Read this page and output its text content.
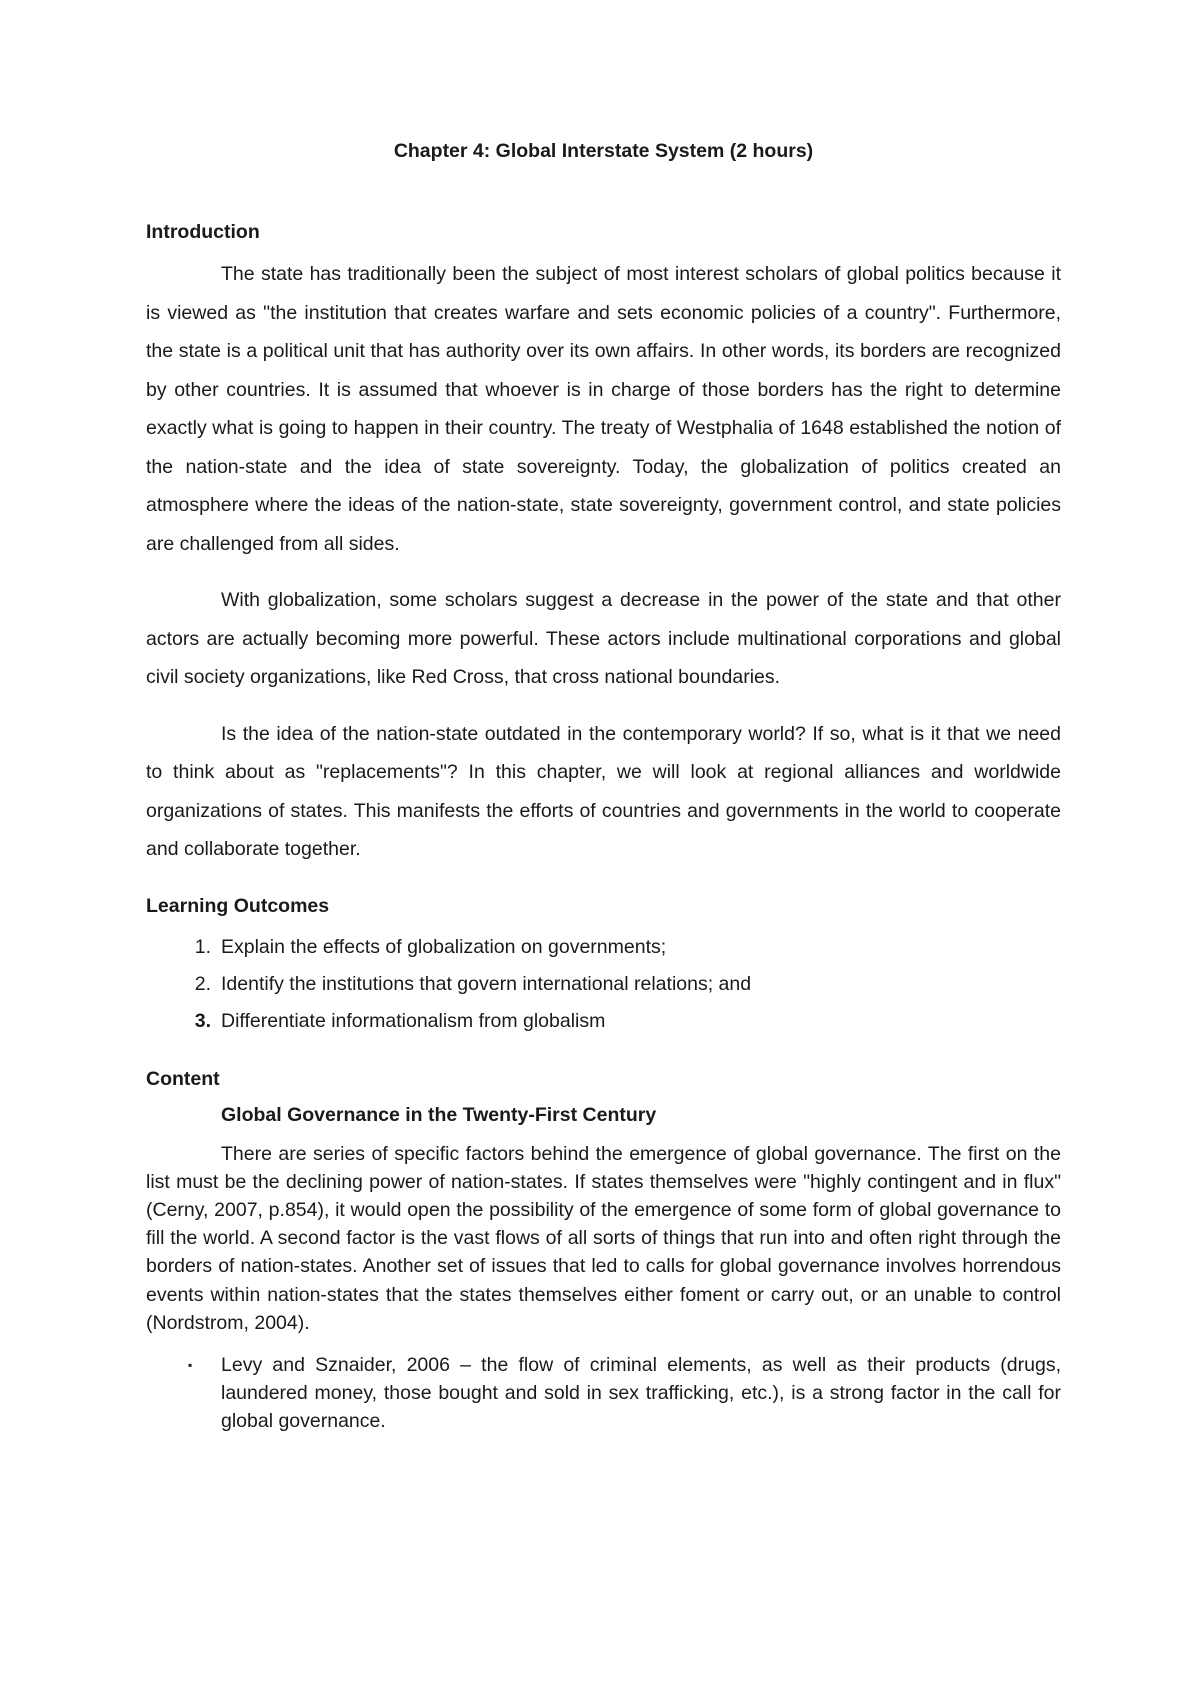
Chapter 4: Global Interstate System (2 hours)
Introduction

The state has traditionally been the subject of most interest scholars of global politics because it is viewed as "the institution that creates warfare and sets economic policies of a country". Furthermore, the state is a political unit that has authority over its own affairs. In other words, its borders are recognized by other countries. It is assumed that whoever is in charge of those borders has the right to determine exactly what is going to happen in their country. The treaty of Westphalia of 1648 established the notion of the nation-state and the idea of state sovereignty. Today, the globalization of politics created an atmosphere where the ideas of the nation-state, state sovereignty, government control, and state policies are challenged from all sides.

With globalization, some scholars suggest a decrease in the power of the state and that other actors are actually becoming more powerful. These actors include multinational corporations and global civil society organizations, like Red Cross, that cross national boundaries.

Is the idea of the nation-state outdated in the contemporary world? If so, what is it that we need to think about as "replacements"? In this chapter, we will look at regional alliances and worldwide organizations of states. This manifests the efforts of countries and governments in the world to cooperate and collaborate together.

Learning Outcomes
1. Explain the effects of globalization on governments;
2. Identify the institutions that govern international relations; and
3. Differentiate informationalism from globalism
Content
Global Governance in the Twenty-First Century

There are series of specific factors behind the emergence of global governance. The first on the list must be the declining power of nation-states. If states themselves were "highly contingent and in flux" (Cerny, 2007, p.854), it would open the possibility of the emergence of some form of global governance to fill the world. A second factor is the vast flows of all sorts of things that run into and often right through the borders of nation-states. Another set of issues that led to calls for global governance involves horrendous events within nation-states that the states themselves either foment or carry out, or an unable to control (Nordstrom, 2004).

▪	Levy and Sznaider, 2006 – the flow of criminal elements, as well as their products (drugs, laundered money, those bought and sold in sex trafficking, etc.), is a strong factor in the call for global governance.
